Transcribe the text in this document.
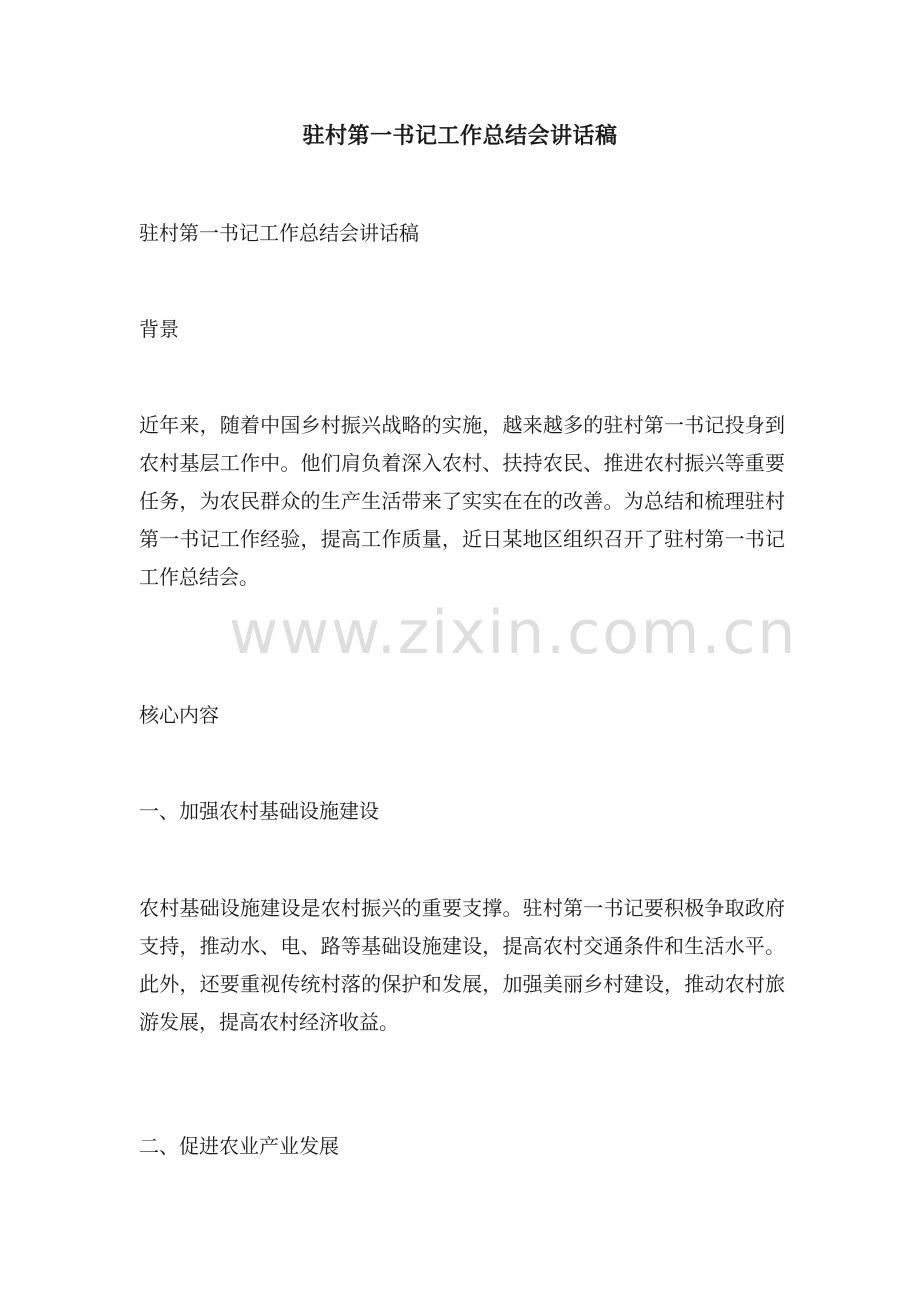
驻村第一书记工作总结会讲话稿

驻村第一书记工作总结会讲话稿

背景

近年来，随着中国乡村振兴战略的实施，越来越多的驻村第一书记投身到农村基层工作中。他们肩负着深入农村、扶持农民、推进农村振兴等重要任务，为农民群众的生产生活带来了实实在在的改善。为总结和梳理驻村第一书记工作经验，提高工作质量，近日某地区组织召开了驻村第一书记工作总结会。

核心内容

一、加强农村基础设施建设

农村基础设施建设是农村振兴的重要支撑。驻村第一书记要积极争取政府支持，推动水、电、路等基础设施建设，提高农村交通条件和生活水平。此外，还要重视传统村落的保护和发展，加强美丽乡村建设，推动农村旅游发展，提高农村经济收益。

二、促进农业产业发展

www.zixin.com.cn
